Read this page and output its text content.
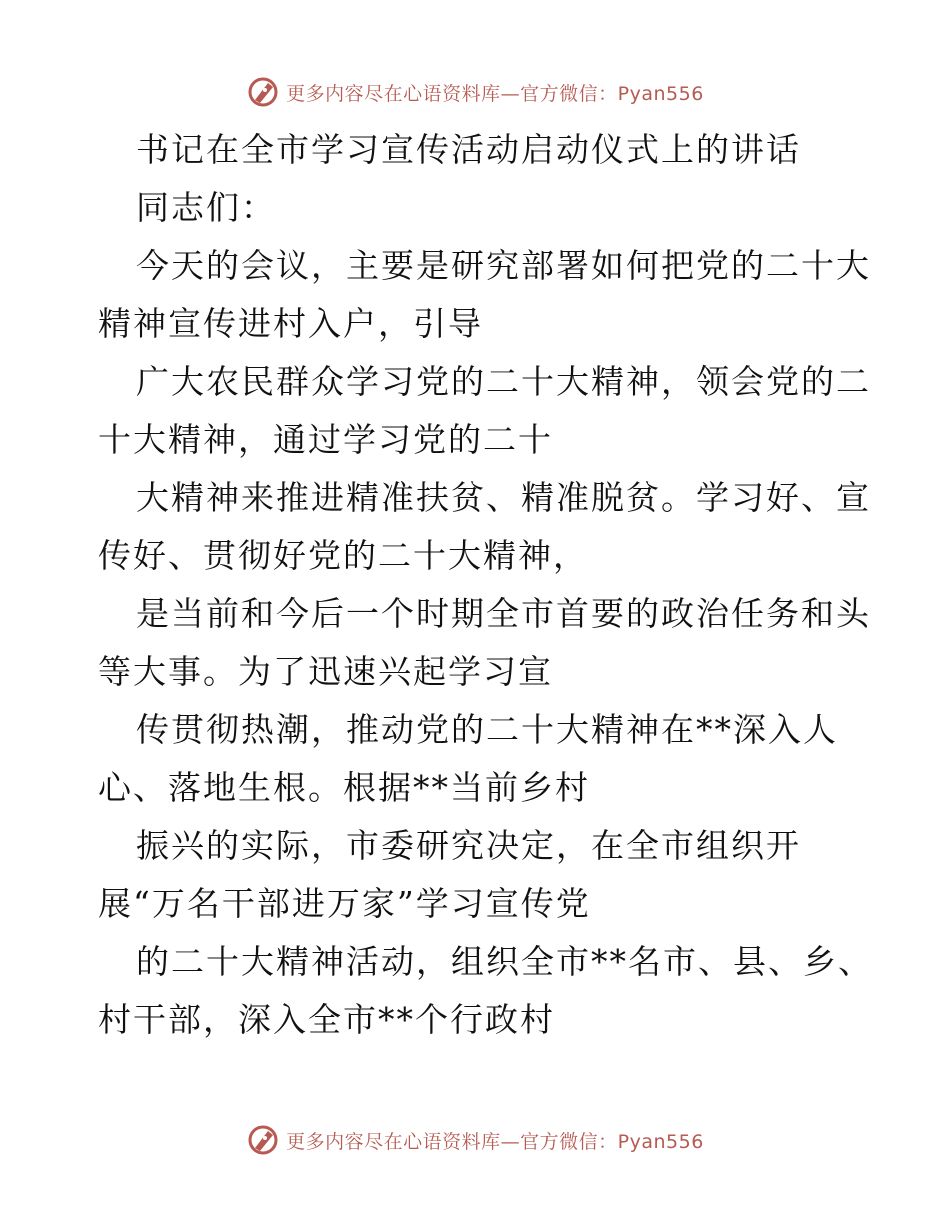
更多内容尽在心语资料库—官方微信：Pyan556
书记在全市学习宣传活动启动仪式上的讲话
同志们：
今天的会议，主要是研究部署如何把党的二十大
精神宣传进村入户，引导
广大农民群众学习党的二十大精神，领会党的二
十大精神，通过学习党的二十
大精神来推进精准扶贫、精准脱贫。学习好、宣
传好、贯彻好党的二十大精神，
是当前和今后一个时期全市首要的政治任务和头
等大事。为了迅速兴起学习宣
传贯彻热潮，推动党的二十大精神在**深入人
心、落地生根。根据**当前乡村
振兴的实际，市委研究决定，在全市组织开
展“万名干部进万家”学习宣传党
的二十大精神活动，组织全市**名市、县、乡、
村干部，深入全市**个行政村
更多内容尽在心语资料库—官方微信：Pyan556
